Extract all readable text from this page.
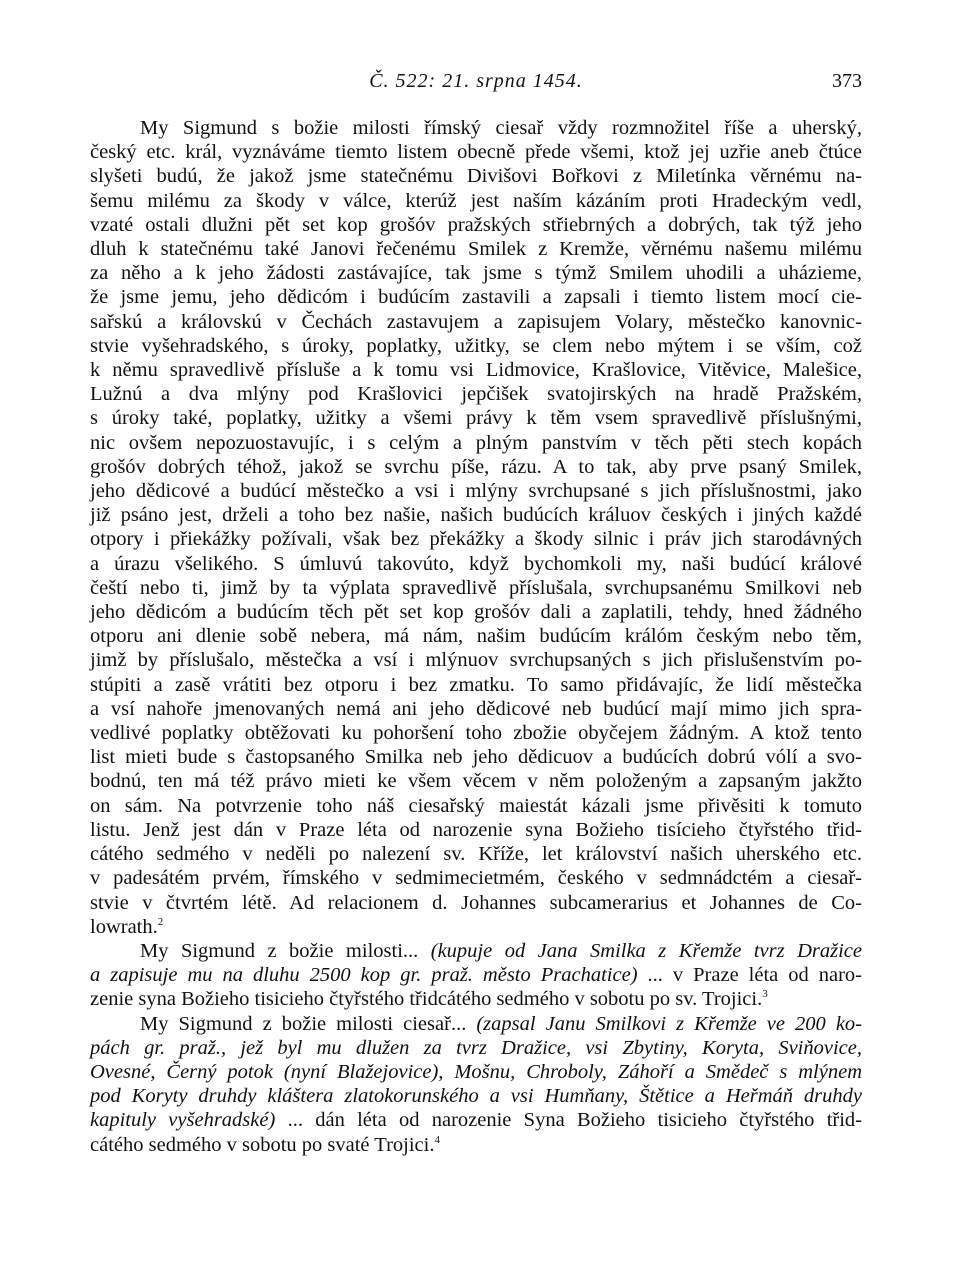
Č. 522: 21. srpna 1454.	373
My Sigmund s božie milosti římský ciesař vždy rozmnožitel říše a uherský,
český etc. král, vyznáváme tiemto listem obecně přede všemi, ktož jej uzřie aneb čtúce
slyšeti budú, že jakož jsme statečnému Divišovi Bořkovi z Miletínka věrnému na-
šemu milému za škody v válce, kterúž jest naším kázáním proti Hradeckým vedl,
vzaté ostali dlužni pět set kop grošóv pražských střiebrných a dobrých, tak týž jeho
dluh k statečnému také Janovi řečenému Smilek z Kremže, věrnému našemu milému
za něho a k jeho žádosti zastávajíce, tak jsme s týmž Smilem uhodili a uházieme,
že jsme jemu, jeho dědicóm i budúcím zastavili a zapsali i tiemto listem mocí cie-
sařskú a královskú v Čechách zastavujem a zapisujem Volary, městečko kanovnic-
stvie vyšehradského, s úroky, poplatky, užitky, se clem nebo mýtem i se vším, což
k němu spravedlivě příslušе a k tomu vsi Lidmovice, Krašlovice, Vitěvice, Malešice,
Lužnú a dva mlýny pod Krašlovici jepčišek svatojirských na hradě Pražském,
s úroky také, poplatky, užitky a všemi právy k těm vsem spravedlivě příslušnými,
nic ovšem nepozuostavujíc, i s celým a plným panstvím v těch pěti stech kopách
grošóv dobrých téhož, jakož se svrchu píše, rázu. A to tak, aby prve psaný Smilek,
jeho dědicové a budúcí městečko a vsi i mlýny svrchupsané s jich příslušnostmi, jako
již psáno jest, drželi a toho bez našie, našich budúcích králuov českých i jiných každé
otpory i přiekážky požívali, však bez překážky a škody silnic i práv jich starodávných
a úrazu všelikého. S úmluvú takovúto, když bychomkoli my, naši budúcí králové
čeští nebo ti, jimž by ta výplata spravedlivě příslušala, svrchupsanému Smilkovi neb
jeho dědicóm a budúcím těch pět set kop grošóv dali a zaplatili, tehdy, hned žádného
otporu ani dlenie sobě nebera, má nám, našim budúcím králóm českým nebo těm,
jimž by příslušalo, městečka a vsí i mlýnuov svrchupsaných s jich přislušenstvím po-
stúpiti a zasě vrátiti bez otporu i bez zmatku. To samo přidávajíc, že lidí městečka
a vsí nahoře jmenovaných nemá ani jeho dědicové neb budúcí mají mimo jich spra-
vedlivé poplatky obtěžovati ku pohoršení toho zbožie obyčejem žádným. A ktož tento
list mieti bude s častopsaného Smilka neb jeho dědicuov a budúcích dobrú vólí a svo-
bodnú, ten má též právo mieti ke všem věcem v něm položeným a zapsaným jakžto
on sám. Na potvrzenie toho náš ciesařský maiestát kázali jsme přivěsiti k tomuto
listu. Jenž jest dán v Praze léta od narozenie syna Božieho tisícieho čtyřstého třid-
cátého sedmého v neděli po nalezení sv. Kříže, let království našich uherského etc.
v padesátém prvém, římského v sedmimecietmém, českého v sedmnádctém a ciesař-
stvie v čtvrtém létě. Ad relacionem d. Johannes subcamerarius et Johannes de Co-
lowrath.$^2$
My Sigmund z božie milosti... (kupuje od Jana Smilka z Křemže tvrz Dražice
a zapisuje mu na dluhu 2500 kop gr. praž. město Prachatice) ... v Praze léta od naro-
zenie syna Božieho tisicieho čtyřstého třidcátého sedmého v sobotu po sv. Trojici.$^3$
My Sigmund z božie milosti ciesař... (zapsal Janu Smilkovi z Křemže ve 200 ko-
pách gr. praž., jež byl mu dlužen za tvrz Dražice, vsi Zbytiny, Koryta, Sviňovice,
Ovesné, Černý potok (nyní Blažejovice), Mošnu, Chroboly, Záhoří a Smědeč s mlýnem
pod Koryty druhdy kláštera zlatokorunského a vsi Humňany, Štětice a Heřmáň druhdy
kapituly vyšehradské) ... dán léta od narozenie Syna Božieho tisicieho čtyřstého třid-
cátého sedmého v sobotu po svaté Trojici.$^4$
